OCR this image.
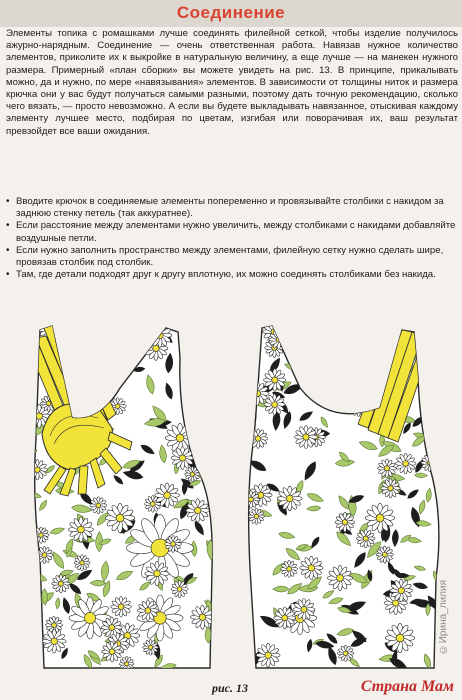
Соединение

Элементы топика с ромашками лучше соединять филейной сеткой, чтобы изделие получилось ажурно-нарядным. Соединение — очень ответственная работа. Навязав нужное количество элементов, приколите их к выкройке в натуральную величину, а еще лучше — на манекен нужного размера. Примерный «план сборки» вы можете увидеть на рис. 13. В принципе, прикалывать можно, да и нужно, по мере «навязывания» элементов. В зависимости от толщины ниток и размера крючка они у вас будут получаться самыми разными, поэтому дать точную рекомендацию, сколько чего вязать, — просто невозможно. А если вы будете выкладывать навязанное, отыскивая каждому элементу лучшее место, подбирая по цветам, изгибая или поворачивая их, ваш результат превзойдет все ваши ожидания.

• Вводите крючок в соединяемые элементы попеременно и провязывайте столбики с накидом за заднюю стенку петель (так аккуратнее).
• Если расстояние между элементами нужно увеличить, между столбиками с накидами добавляйте воздушные петли.
• Если нужно заполнить пространство между элементами, филейную сетку нужно сделать шире, провязав столбик под столбик.
• Там, где детали подходят друг к другу вплотную, их можно соединять столбиками без накида.
рис. 13
©Ирина_лилия
Страна Мам
